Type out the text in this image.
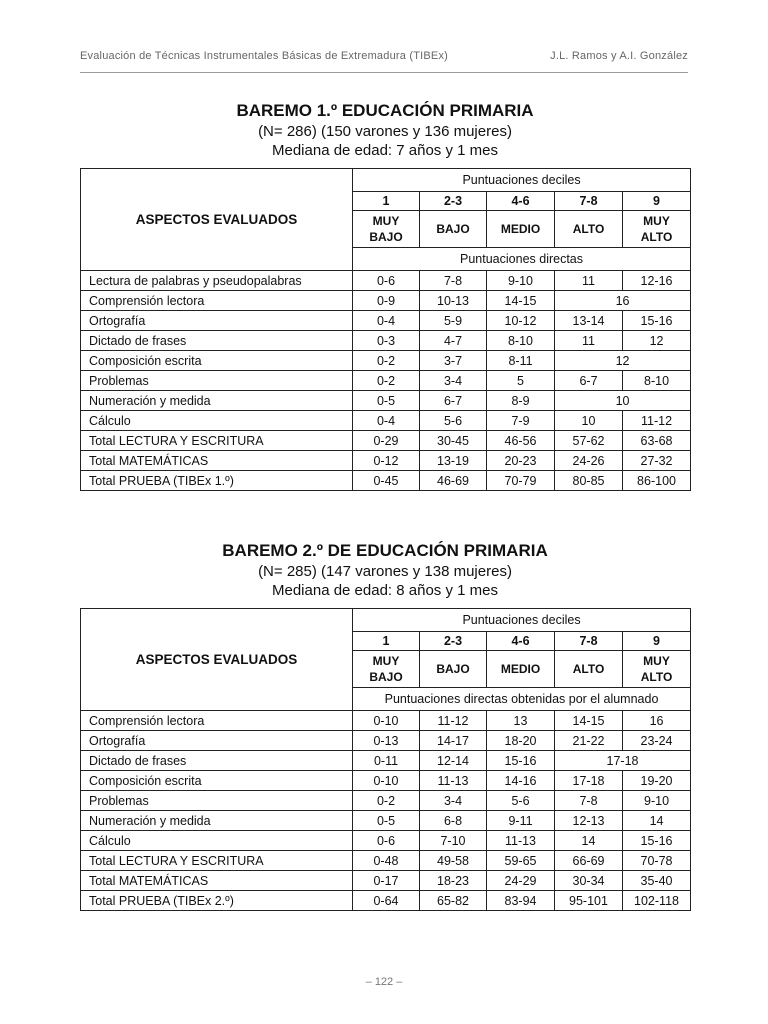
Evaluación de Técnicas Instrumentales Básicas de Extremadura (TIBEx)	J.L. Ramos y A.I. González

BAREMO 1.º EDUCACIÓN PRIMARIA

(N= 286) (150 varones y 136 mujeres)

Mediana de edad: 7 años y 1 mes

ASPECTOS EVALUADOS	Puntuaciones deciles				
	1	2-3	4-6	7-8	9
	MUY BAJO	BAJO	MEDIO	ALTO	MUY ALTO
	Puntuaciones directas				
Lectura de palabras y pseudopalabras	0-6	7-8	9-10	11	12-16
Comprensión lectora	0-9	10-13	14-15	16	
Ortografía	0-4	5-9	10-12	13-14	15-16
Dictado de frases	0-3	4-7	8-10	11	12
Composición escrita	0-2	3-7	8-11	12	
Problemas	0-2	3-4	5	6-7	8-10
Numeración y medida	0-5	6-7	8-9	10	
Cálculo	0-4	5-6	7-9	10	11-12
Total LECTURA Y ESCRITURA	0-29	30-45	46-56	57-62	63-68
Total MATEMÁTICAS	0-12	13-19	20-23	24-26	27-32
Total PRUEBA (TIBEx 1.º)	0-45	46-69	70-79	80-85	86-100

BAREMO 2.º DE EDUCACIÓN PRIMARIA

(N= 285) (147 varones y 138 mujeres)

Mediana de edad: 8 años y 1 mes

ASPECTOS EVALUADOS	Puntuaciones deciles				
	1	2-3	4-6	7-8	9
	MUY BAJO	BAJO	MEDIO	ALTO	MUY ALTO
	Puntuaciones directas obtenidas por el alumnado				
Comprensión lectora	0-10	11-12	13	14-15	16
Ortografía	0-13	14-17	18-20	21-22	23-24
Dictado de frases	0-11	12-14	15-16	17-18	
Composición escrita	0-10	11-13	14-16	17-18	19-20
Problemas	0-2	3-4	5-6	7-8	9-10
Numeración y medida	0-5	6-8	9-11	12-13	14
Cálculo	0-6	7-10	11-13	14	15-16
Total LECTURA Y ESCRITURA	0-48	49-58	59-65	66-69	70-78
Total MATEMÁTICAS	0-17	18-23	24-29	30-34	35-40
Total PRUEBA (TIBEx 2.º)	0-64	65-82	83-94	95-101	102-118
– 122 –
